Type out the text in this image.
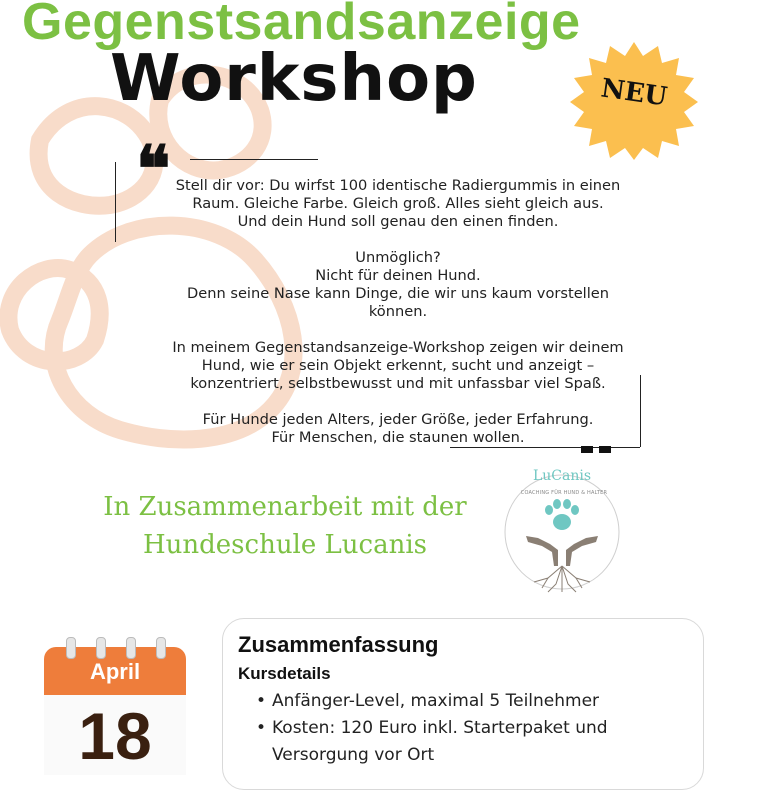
Gegenstsandsanzeige
Workshop	NEU
❝ Stell dir vor: Du wirfst 100 identische Radiergummis in einen
Raum. Gleiche Farbe. Gleich groß. Alles sieht gleich aus.
Und dein Hund soll genau den einen finden.

Unmöglich?
Nicht für deinen Hund.
Denn seine Nase kann Dinge, die wir uns kaum vorstellen
können.

In meinem Gegenstandsanzeige-Workshop zeigen wir deinem
Hund, wie er sein Objekt erkennt, sucht und anzeigt –
konzentriert, selbstbewusst und mit unfassbar viel Spaß.

Für Hunde jeden Alters, jeder Größe, jeder Erfahrung.
Für Menschen, die staunen wollen.

In Zusammenarbeit mit der
Hundeschule Lucanis
LuCanis
COACHING FÜR HUND & HALTER
April
18
Zusammenfassung
Kursdetails
• Anfänger-Level, maximal 5 Teilnehmer
• Kosten: 120 Euro inkl. Starterpaket und
Versorgung vor Ort
